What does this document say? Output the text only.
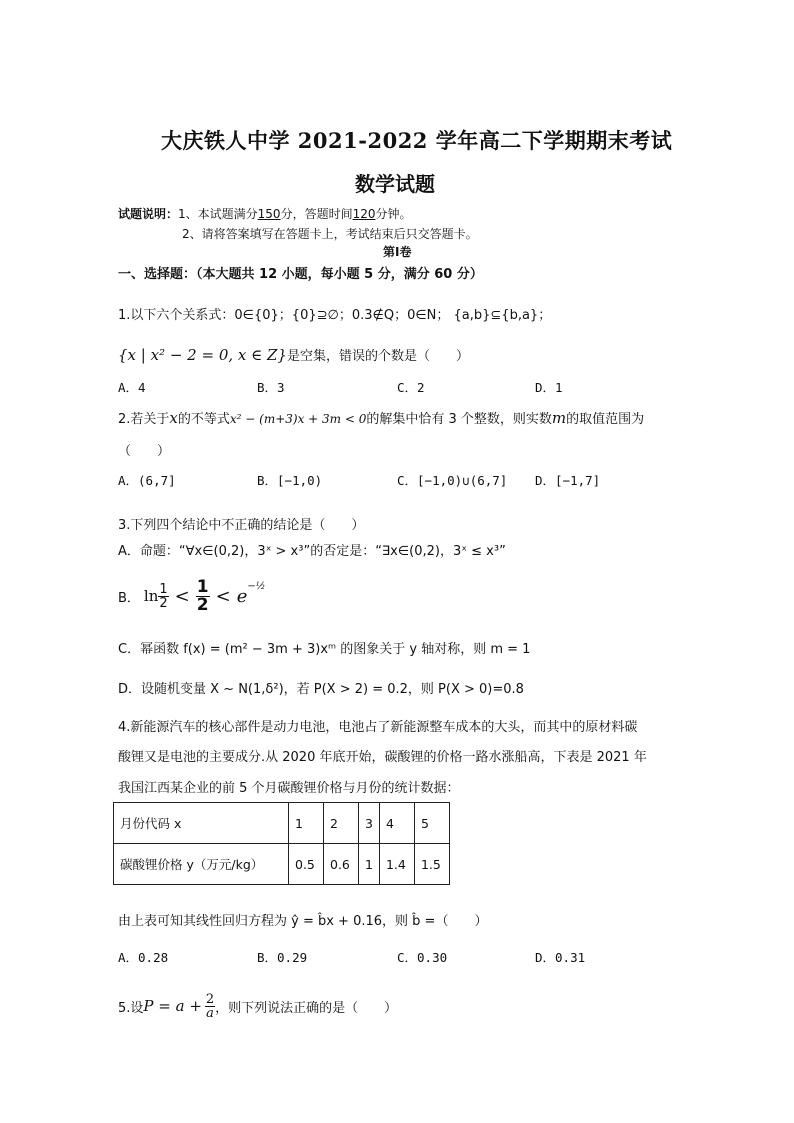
大庆铁人中学 2021-2022 学年高二下学期期末考试
数学试题
试题说明：1、本试题满分150分，答题时间120分钟。
2、请将答案填写在答题卡上，考试结束后只交答题卡。
第Ⅰ卷
一、选择题：（本大题共 12 小题，每小题 5 分，满分 60 分）
1.以下六个关系式：0∈{0}；{0}⊇∅；0.3∉Q；0∈N； {a,b}⊆{b,a}；
{x | x² − 2 = 0, x ∈ Z}是空集，错误的个数是（　　）
A．4	B．3	C．2	D．1
2.若关于x的不等式x² − (m+3)x + 3m < 0的解集中恰有 3 个整数，则实数m的取值范围为
（　　）
A．(6,7]	B．[−1,0)	C．[−1,0)∪(6,7] D．[−1,7]
3.下列四个结论中不正确的结论是（　　）
A．命题：“∀x∈(0,2)，3ˣ > x³”的否定是：“∃x∈(0,2)，3ˣ ≤ x³”
B． $\ln \frac{1}{2} < \frac{1}{2} < e$ −½
C．幂函数 f(x) = (m² − 3m + 3)xᵐ 的图象关于 y 轴对称，则 m = 1
D．设随机变量 X ~ N(1,δ²)，若 P(X > 2) = 0.2，则 P(X > 0)=0.8
4.新能源汽车的核心部件是动力电池，电池占了新能源整车成本的大头，而其中的原材料碳
酸锂又是电池的主要成分.从 2020 年底开始，碳酸锂的价格一路水涨船高，下表是 2021 年
我国江西某企业的前 5 个月碳酸锂价格与月份的统计数据：
月份代码 x	1	2	3	4	5
碳酸锂价格 y（万元/kg）	0.5	0.6	1	1.4	1.5
由上表可知其线性回归方程为 ŷ = b̂x + 0.16，则 b̂ =（　　）
A．0.28	B．0.29	C．0.30	D．0.31
5.设 $P = a + \frac{2}{a}$ ，则下列说法正确的是（　　）
